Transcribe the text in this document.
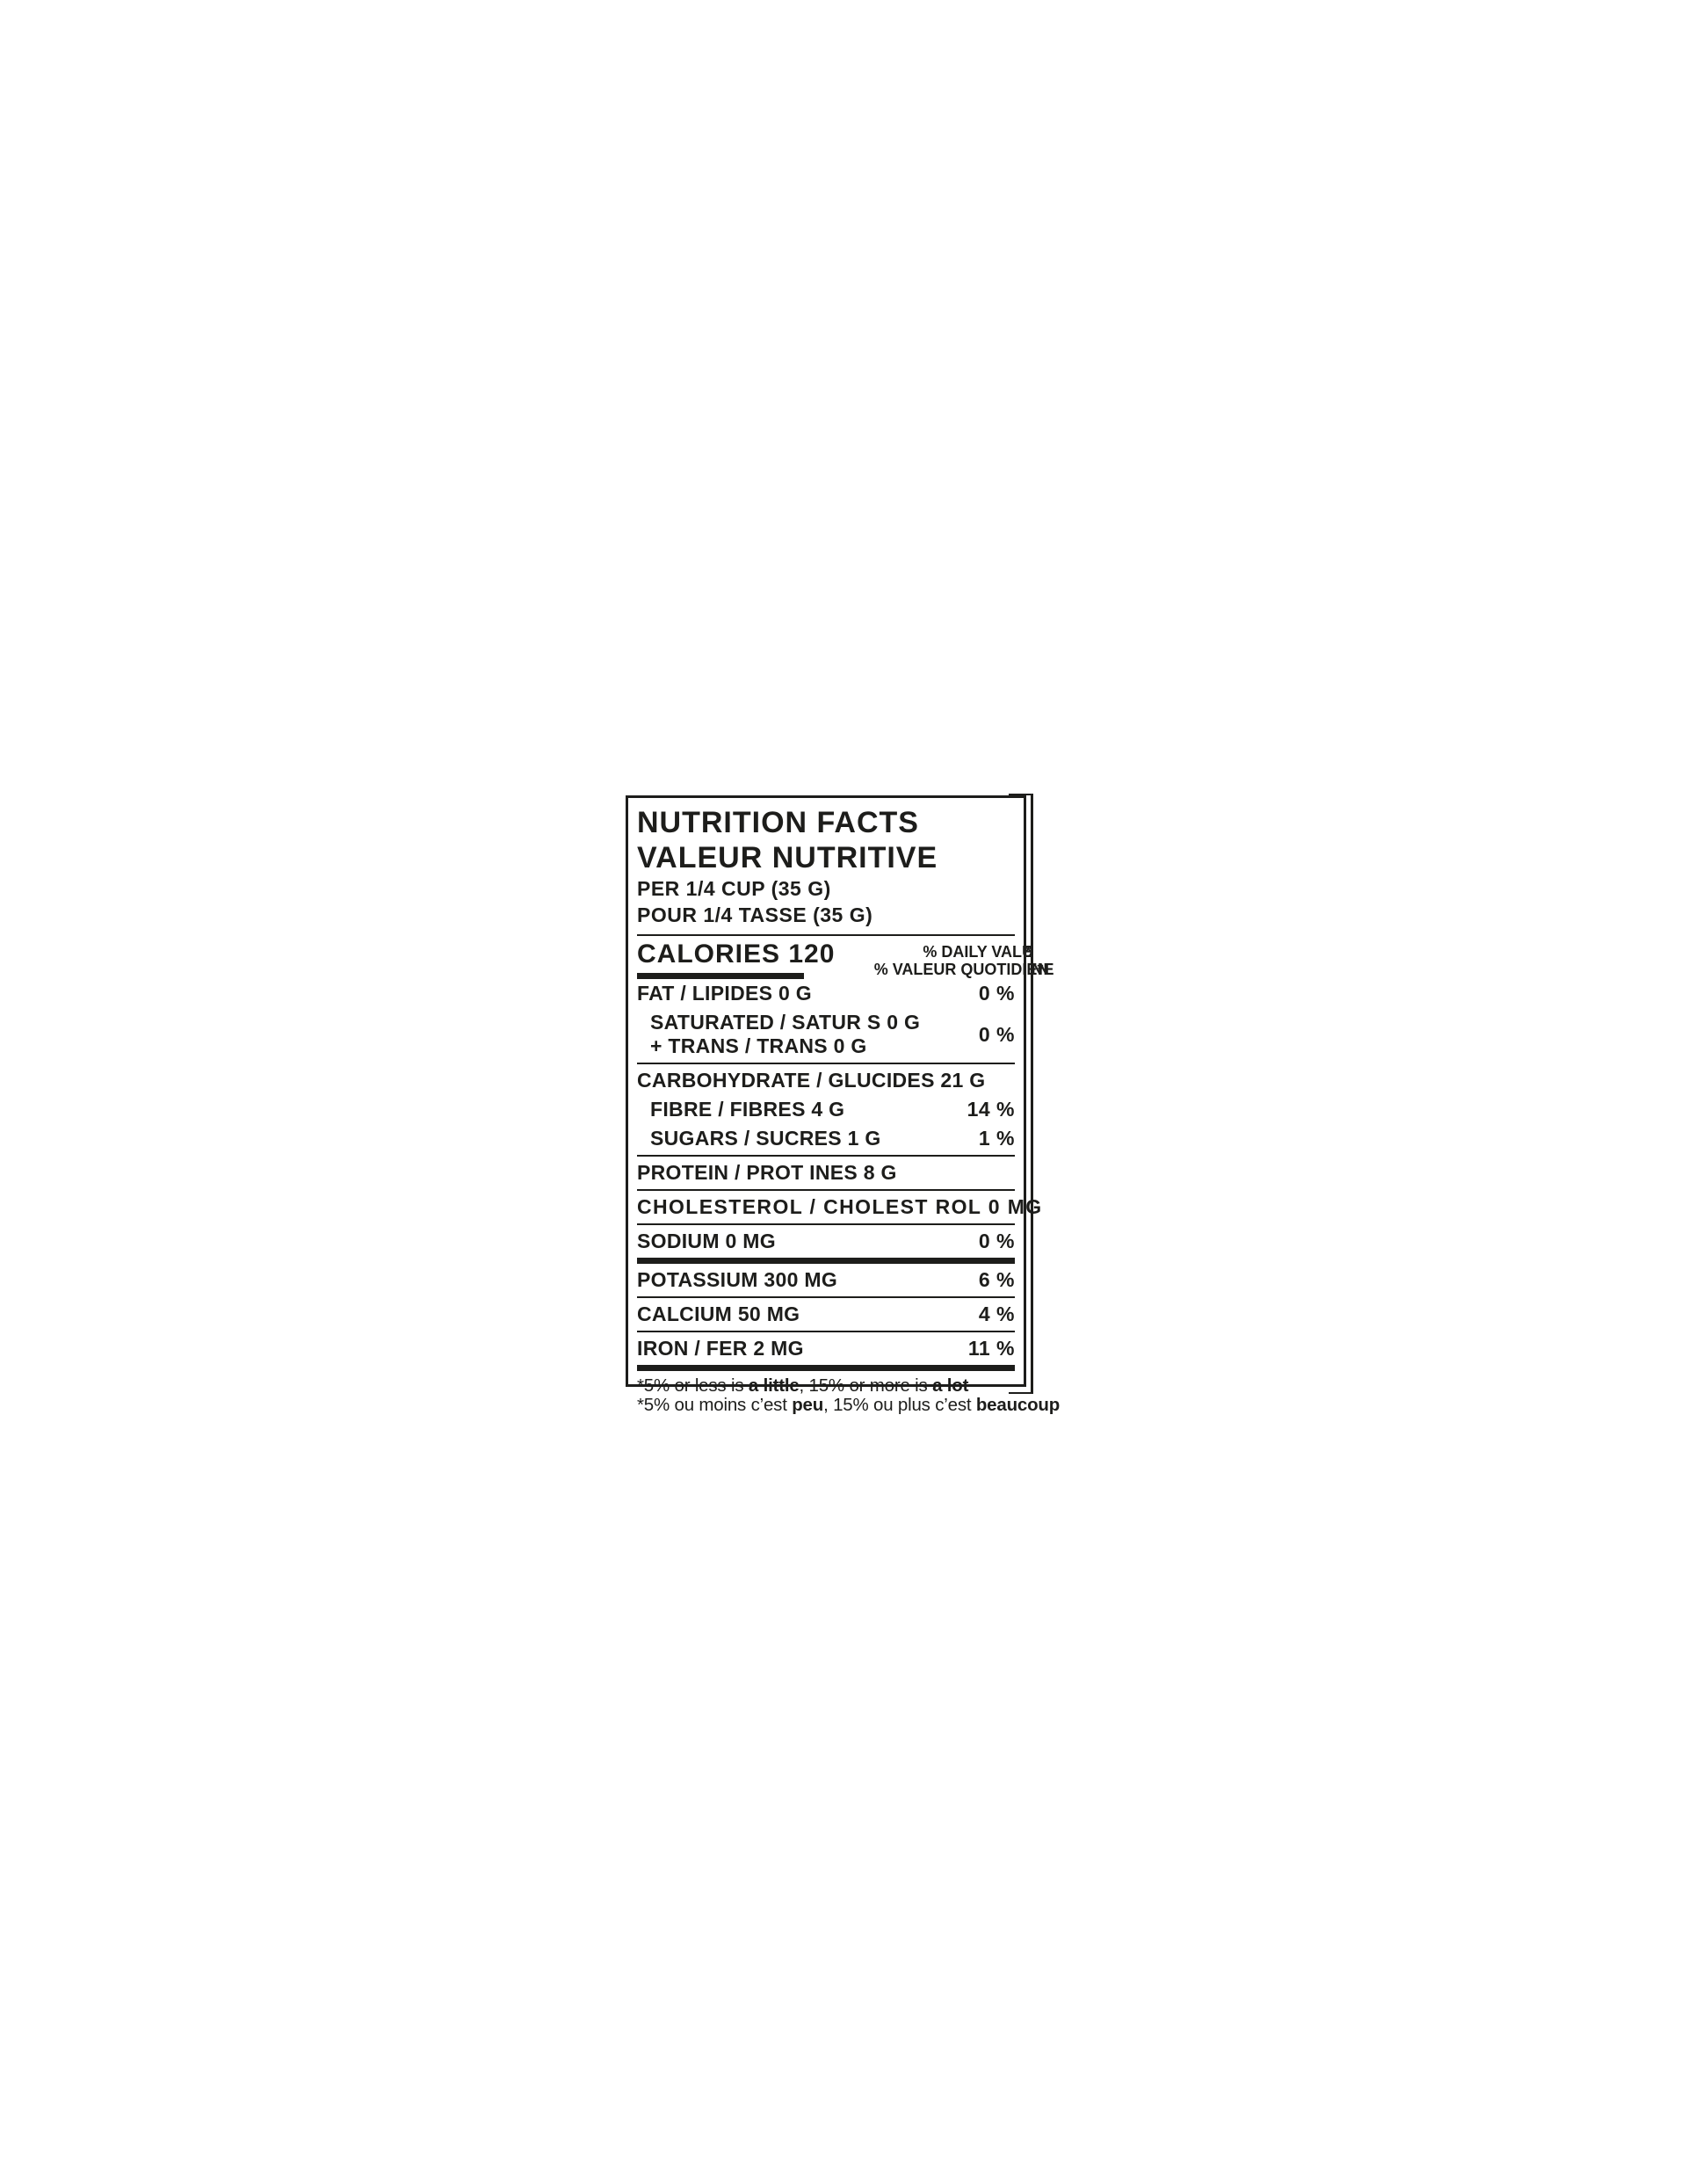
NUTRITION FACTS
VALEUR NUTRITIVE
PER 1/4 CUP (35 G)
POUR 1/4 TASSE (35 G)
CALORIES 120	% DAILY VALU*E
% VALEUR QUOTIDIEN*NE
FAT / LIPIDES 0 G	0 %
SATURATED / SATUR S 0 G
+ TRANS / TRANS 0 G
0 %
CARBOHYDRATE / GLUCIDES 21 G
FIBRE / FIBRES 4 G	14 %
SUGARS / SUCRES 1 G	1 %
PROTEIN / PROT INES 8 G
CHOLESTEROL / CHOLEST ROL 0 MG
SODIUM 0 MG	0 %
POTASSIUM 300 MG	6 %
CALCIUM 50 MG	4 %
IRON / FER 2 MG	11 %
*5% or less is a little, 15% or more is a lot
*5% ou moins c’est peu, 15% ou plus c’est beaucoup
